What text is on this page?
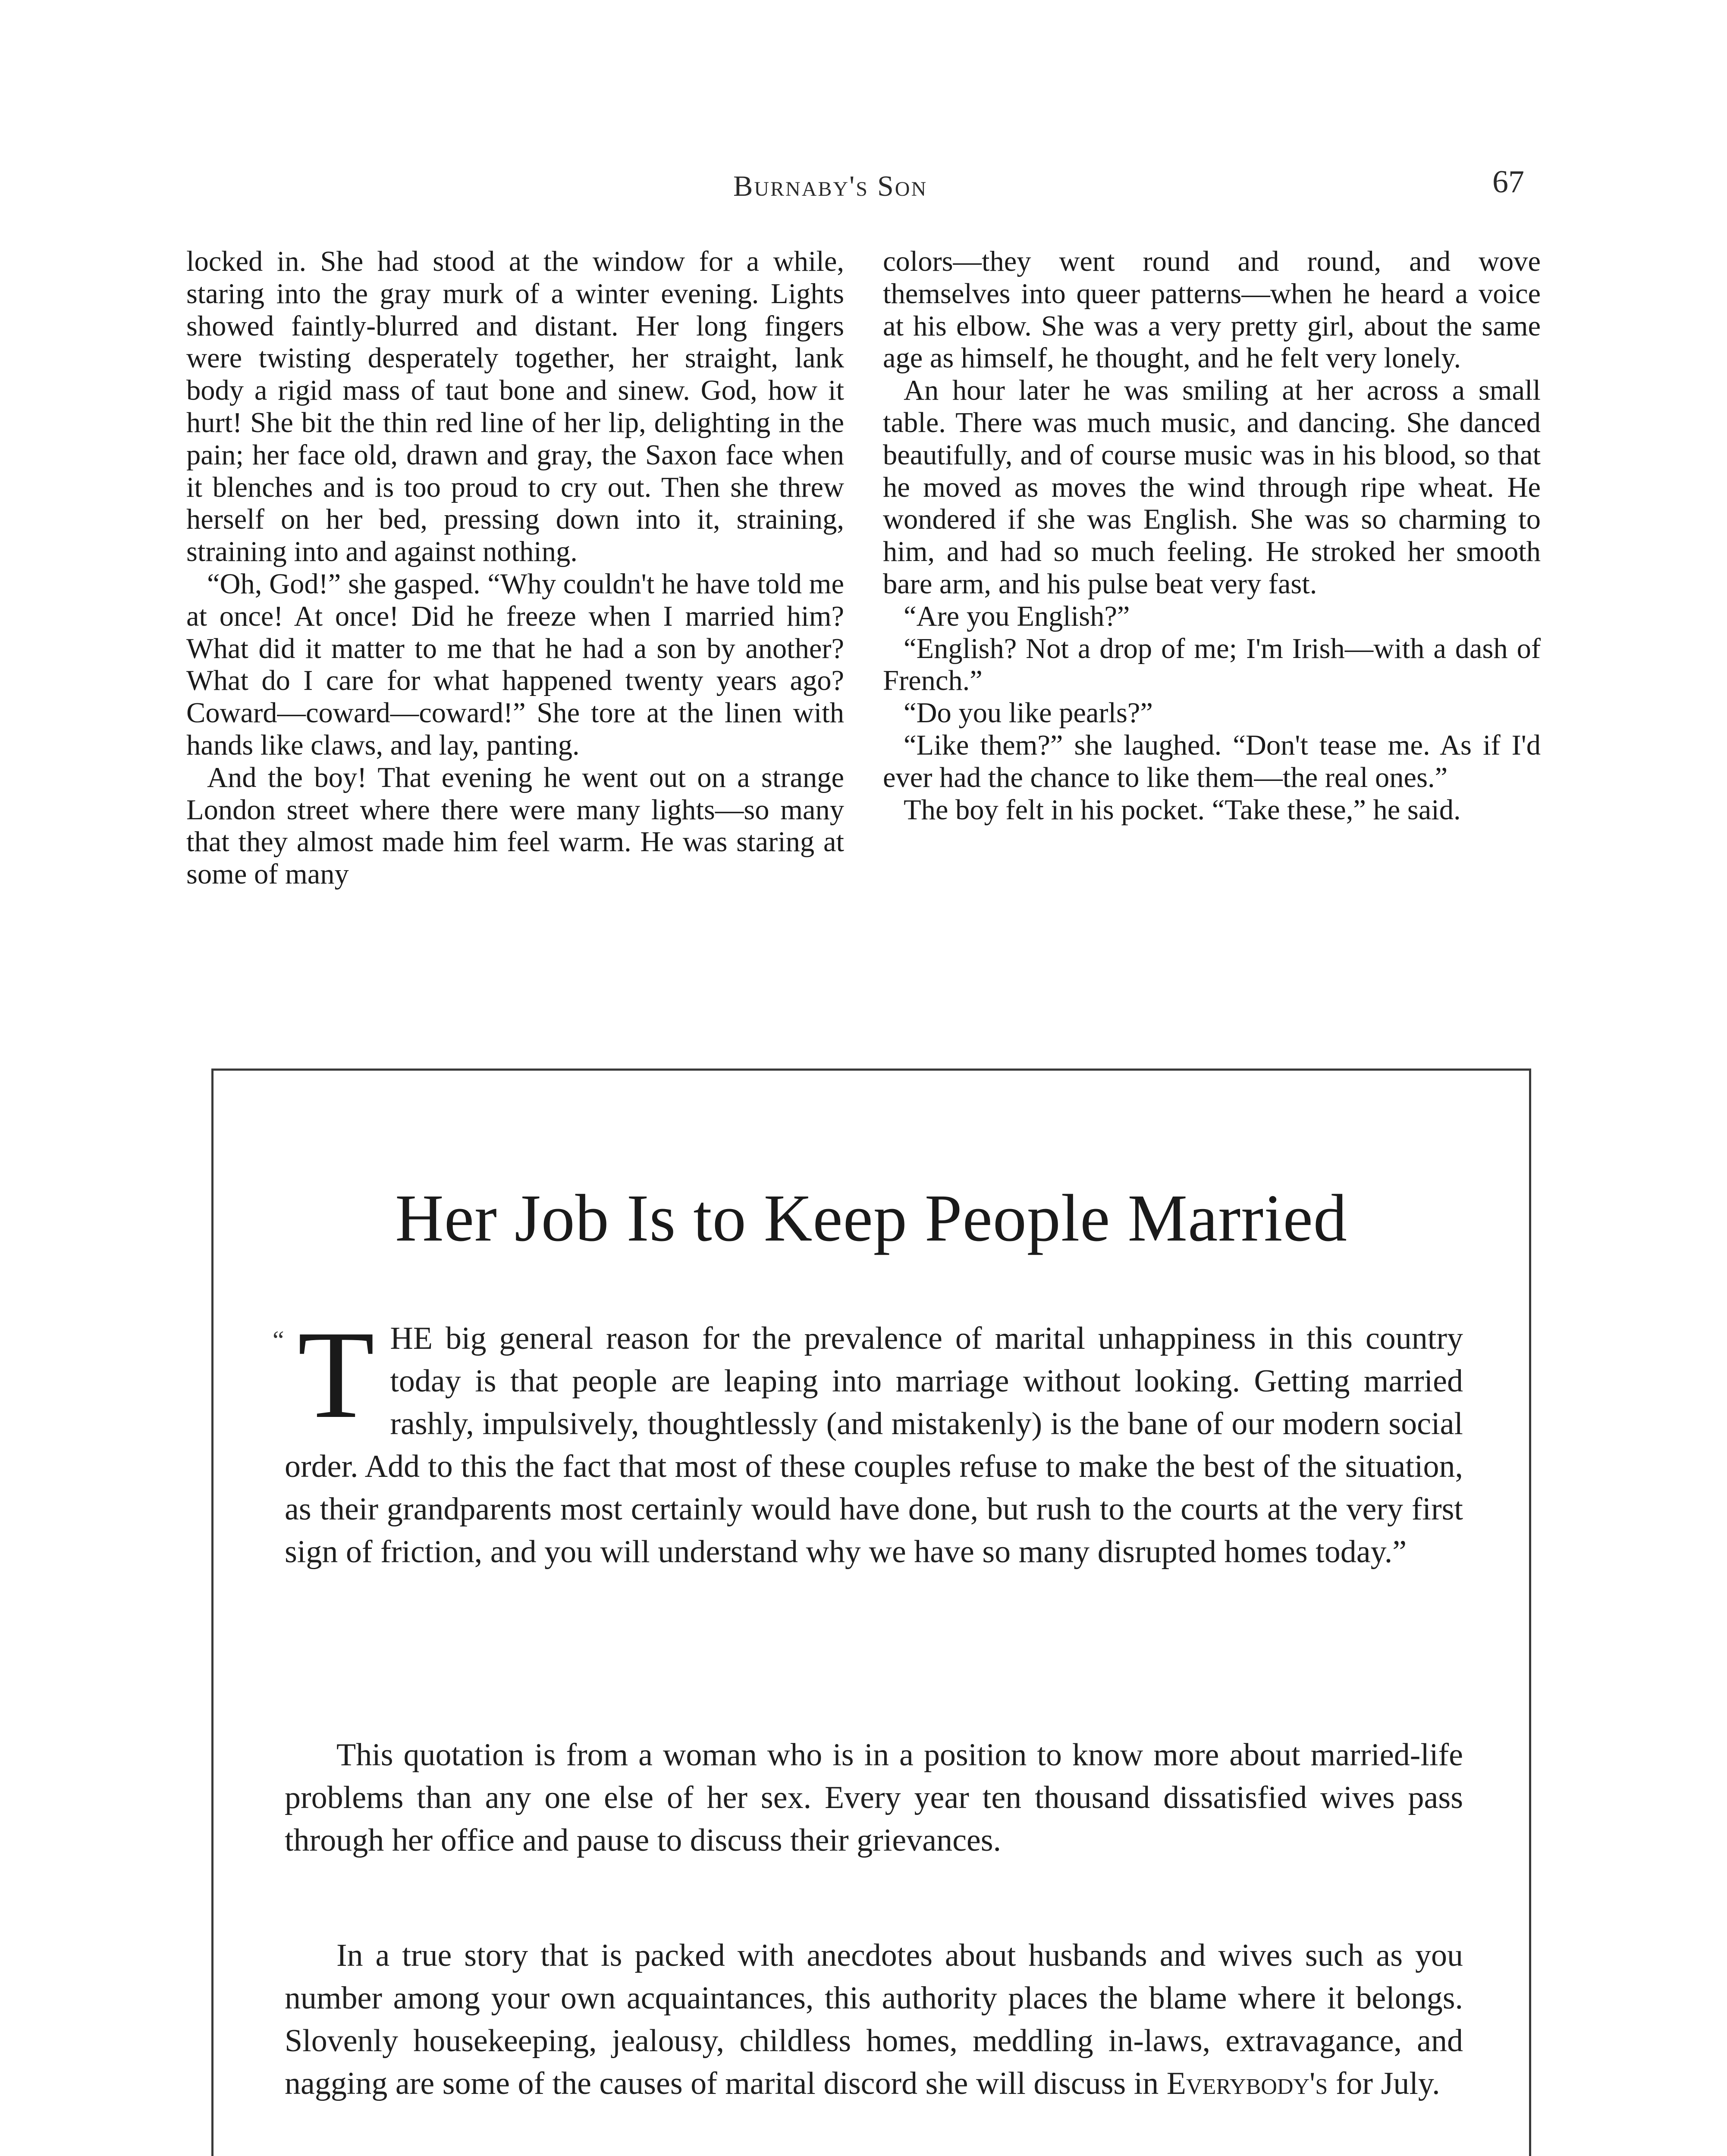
Burnaby's Son	67

locked in. She had stood at the window for a while, staring into the gray murk of a winter evening. Lights showed faintly-blurred and distant. Her long fingers were twisting desperately together, her straight, lank body a rigid mass of taut bone and sinew. God, how it hurt! She bit the thin red line of her lip, delighting in the pain; her face old, drawn and gray, the Saxon face when it blenches and is too proud to cry out. Then she threw herself on her bed, pressing down into it, straining, straining into and against nothing.

“Oh, God!” she gasped. “Why couldn't he have told me at once! At once! Did he freeze when I married him? What did it matter to me that he had a son by another? What do I care for what happened twenty years ago? Coward—coward—coward!” She tore at the linen with hands like claws, and lay, panting.

And the boy! That evening he went out on a strange London street where there were many lights—so many that they almost made him feel warm. He was staring at some of many

colors—they went round and round, and wove themselves into queer patterns—when he heard a voice at his elbow. She was a very pretty girl, about the same age as himself, he thought, and he felt very lonely.

An hour later he was smiling at her across a small table. There was much music, and dancing. She danced beautifully, and of course music was in his blood, so that he moved as moves the wind through ripe wheat. He wondered if she was English. She was so charming to him, and had so much feeling. He stroked her smooth bare arm, and his pulse beat very fast.

“Are you English?”

“English? Not a drop of me; I'm Irish—with a dash of French.”

“Do you like pearls?”

“Like them?” she laughed. “Don't tease me. As if I'd ever had the chance to like them—the real ones.”

The boy felt in his pocket. “Take these,” he said.

Her Job Is to Keep People Married

“ T HE big general reason for the prevalence of marital unhappiness in this country today is that people are leaping into marriage without looking. Getting married rashly, impulsively, thoughtlessly (and mistakenly) is the bane of our modern social order. Add to this the fact that most of these couples refuse to make the best of the situation, as their grandparents most certainly would have done, but rush to the courts at the very first sign of friction, and you will understand why we have so many disrupted homes today.”

This quotation is from a woman who is in a position to know more about married-life problems than any one else of her sex. Every year ten thousand dissatisfied wives pass through her office and pause to discuss their grievances.

In a true story that is packed with anecdotes about husbands and wives such as you number among your own acquaintances, this authority places the blame where it belongs. Slovenly housekeeping, jealousy, childless homes, meddling in-laws, extravagance, and nagging are some of the causes of marital discord she will discuss in Everybody's for July.
